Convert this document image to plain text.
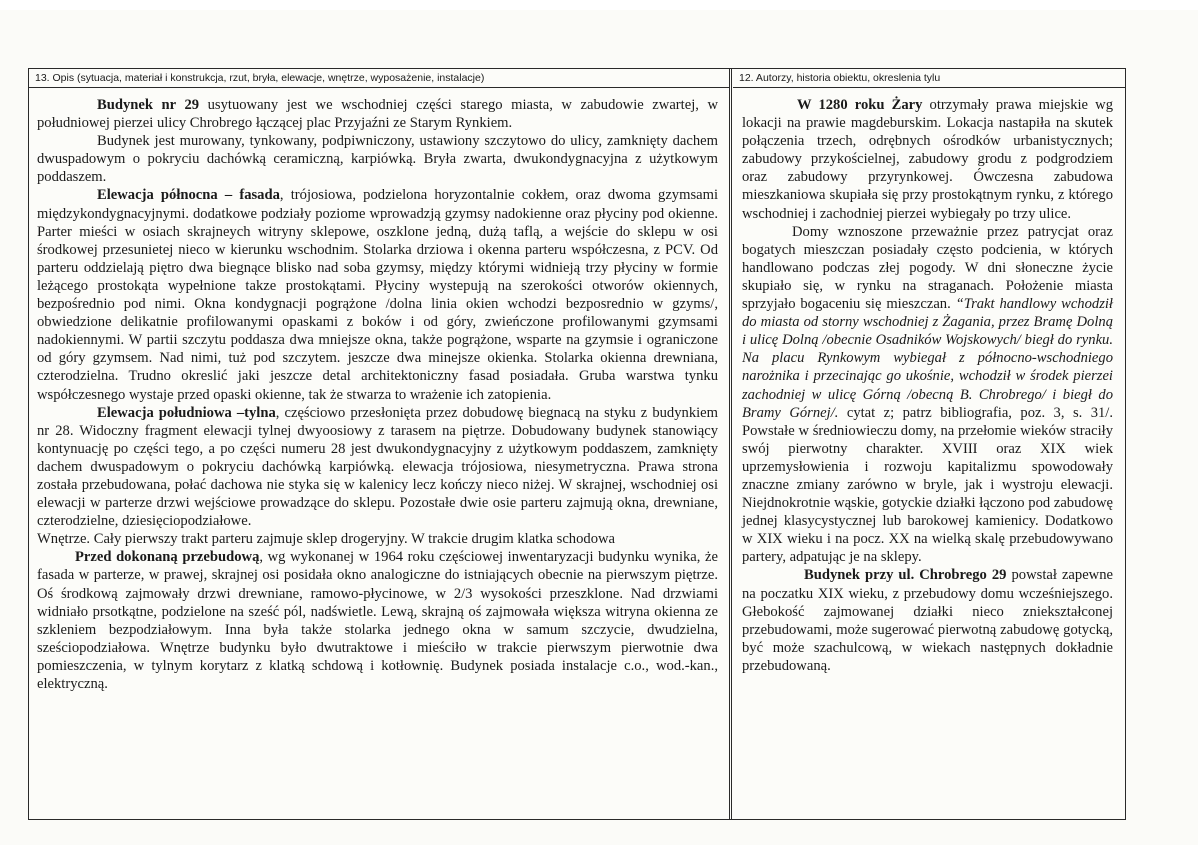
13. Opis (sytuacja, materiał i konstrukcja, rzut, bryła, elewacje, wnętrze, wyposażenie, instalacje)

Budynek nr 29 usytuowany jest we wschodniej części starego miasta, w zabudowie zwartej, w południowej pierzei ulicy Chrobrego łączącej plac Przyjaźni ze Starym Rynkiem.

Budynek jest murowany, tynkowany, podpiwniczony, ustawiony szczytowo do ulicy, zamknięty dachem dwuspadowym o pokryciu dachówką ceramiczną, karpiówką. Bryła zwarta, dwukondygnacyjna z użytkowym poddaszem.

Elewacja północna – fasada, trójosiowa, podzielona horyzontalnie cokłem, oraz dwoma gzymsami międzykondygnacyjnymi. dodatkowe podziały poziome wprowadzją gzymsy nadokienne oraz płyciny pod okienne. Parter mieści w osiach skrajneych witryny sklepowe, oszklone jedną, dużą taflą, a wejście do sklepu w osi środkowej przesunietej nieco w kierunku wschodnim. Stolarka drziowa i okenna parteru współczesna, z PCV. Od parteru oddzielają piętro dwa biegnące blisko nad soba gzymsy, między którymi widnieją trzy płyciny w formie leżącego prostokąta wypełnione takze prostokątami. Płyciny wystepują na szerokości otworów okiennych, bezpośrednio pod nimi. Okna kondygnacji pogrążone /dolna linia okien wchodzi bezposrednio w gzyms/, obwiedzione delikatnie profilowanymi opaskami z boków i od góry, zwieńczone profilowanymi gzymsami nadokiennymi. W partii szczytu poddasza dwa mniejsze okna, także pogrążone, wsparte na gzymsie i ograniczone od góry gzymsem. Nad nimi, tuż pod szczytem. jeszcze dwa minejsze okienka. Stolarka okienna drewniana, czterodzielna. Trudno okreslić jaki jeszcze detal architektoniczny fasad posiadała. Gruba warstwa tynku współczesnego wystaje przed opaski okienne, tak że stwarza to wrażenie ich zatopienia.

Elewacja południowa –tylna, częściowo przesłonięta przez dobudowę biegnacą na styku z budynkiem nr 28. Widoczny fragment elewacji tylnej dwyoosiowy z tarasem na piętrze. Dobudowany budynek stanowiący kontynuację po części tego, a po części numeru 28 jest dwukondygnacyjny z użytkowym poddaszem, zamknięty dachem dwuspadowym o pokryciu dachówką karpiówką. elewacja trójosiowa, niesymetryczna. Prawa strona została przebudowana, połać dachowa nie styka się w kalenicy lecz kończy nieco niżej. W skrajnej, wschodniej osi elewacji w parterze drzwi wejściowe prowadzące do sklepu. Pozostałe dwie osie parteru zajmują okna, drewniane, czterodzielne, dziesięciopodziałowe.

Wnętrze. Cały pierwszy trakt parteru zajmuje sklep drogeryjny. W trakcie drugim klatka schodowa

Przed dokonaną przebudową, wg wykonanej w 1964 roku częściowej inwentaryzacji budynku wynika, że fasada w parterze, w prawej, skrajnej osi posidała okno analogiczne do istniających obecnie na pierwszym piętrze. Oś środkową zajmowały drzwi drewniane, ramowo-płycinowe, w 2/3 wysokości przeszklone. Nad drzwiami widniało prsotkątne, podzielone na sześć pól, nadświetle. Lewą, skrajną oś zajmowała większa witryna okienna ze szkleniem bezpodziałowym. Inna była także stolarka jednego okna w samum szczycie, dwudzielna, sześciopodziałowa. Wnętrze budynku było dwutraktowe i mieściło w trakcie pierwszym pierwotnie dwa pomieszczenia, w tylnym korytarz z klatką schdową i kotłownię. Budynek posiada instalacje c.o., wod.-kan., elektryczną.

12. Autorzy, historia obiektu, okreslenia tylu

W 1280 roku Żary otrzymały prawa miejskie wg lokacji na prawie magdeburskim. Lokacja nastapiła na skutek połączenia trzech, odrębnych ośrodków urbanistycznych; zabudowy przykościelnej, zabudowy grodu z podgrodziem oraz zabudowy przyrynkowej. Ówczesna zabudowa mieszkaniowa skupiała się przy prostokątnym rynku, z którego wschodniej i zachodniej pierzei wybiegały po trzy ulice.

Domy wznoszone przeważnie przez patrycjat oraz bogatych mieszczan posiadały często podcienia, w których handlowano podczas złej pogody. W dni słoneczne życie skupiało się, w rynku na straganach. Położenie miasta sprzyjało bogaceniu się mieszczan. “Trakt handlowy wchodził do miasta od storny wschodniej z Żagania, przez Bramę Dolną i ulicę Dolną /obecnie Osadników Wojskowych/ biegł do rynku. Na placu Rynkowym wybiegał z północno-wschodniego narożnika i przecinając go ukośnie, wchodził w środek pierzei zachodniej w ulicę Górną /obecną B. Chrobrego/ i biegł do Bramy Górnej/. cytat z; patrz bibliografia, poz. 3, s. 31/. Powstałe w średniowieczu domy, na przełomie wieków straciły swój pierwotny charakter. XVIII oraz XIX wiek uprzemysłowienia i rozwoju kapitalizmu spowodowały znaczne zmiany zarówno w bryle, jak i wystroju elewacji. Niejdnokrotnie wąskie, gotyckie działki łączono pod zabudowę jednej klasycystycznej lub barokowej kamienicy. Dodatkowo w XIX wieku i na pocz. XX na wielką skalę przebudowywano partery, adpatując je na sklepy.

Budynek przy ul. Chrobrego 29 powstał zapewne na poczatku XIX wieku, z przebudowy domu wcześniejszego. Głebokość zajmowanej działki nieco zniekształconej przebudowami, może sugerować pierwotną zabudowę gotycką, być może szachulcową, w wiekach następnych dokładnie przebudowaną.
